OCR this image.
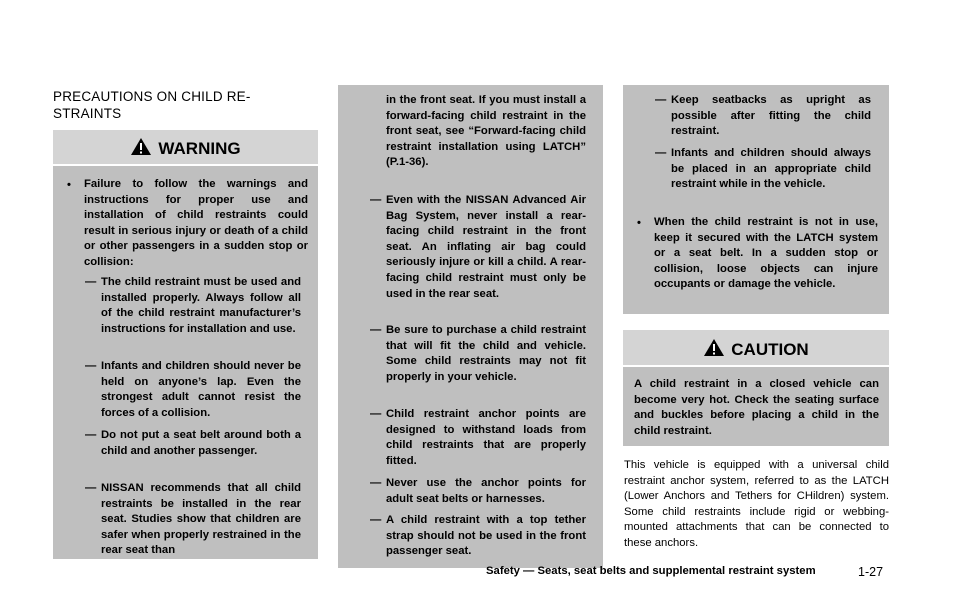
PRECAUTIONS ON CHILD RE-STRAINTS
WARNING
• Failure to follow the warnings and instructions for proper use and installation of child restraints could result in serious injury or death of a child or other passengers in a sudden stop or collision:

— The child restraint must be used and installed properly. Always follow all of the child restraint manufacturer’s instructions for installation and use.

— Infants and children should never be held on anyone’s lap. Even the strongest adult cannot resist the forces of a collision.

— Do not put a seat belt around both a child and another passenger.

— NISSAN recommends that all child restraints be installed in the rear seat. Studies show that children are safer when properly restrained in the rear seat than

in the front seat. If you must install a forward-facing child restraint in the front seat, see “Forward-facing child restraint installation using LATCH” (P.1-36).

— Even with the NISSAN Advanced Air Bag System, never install a rear-facing child restraint in the front seat. An inflating air bag could seriously injure or kill a child. A rear-facing child restraint must only be used in the rear seat.

— Be sure to purchase a child restraint that will fit the child and vehicle. Some child restraints may not fit properly in your vehicle.

— Child restraint anchor points are designed to withstand loads from child restraints that are properly fitted.

— Never use the anchor points for adult seat belts or harnesses.

— A child restraint with a top tether strap should not be used in the front passenger seat.

— Keep seatbacks as upright as possible after fitting the child restraint.

— Infants and children should always be placed in an appropriate child restraint while in the vehicle.

• When the child restraint is not in use, keep it secured with the LATCH system or a seat belt. In a sudden stop or collision, loose objects can injure occupants or damage the vehicle.

CAUTION

A child restraint in a closed vehicle can become very hot. Check the seating surface and buckles before placing a child in the child restraint.

This vehicle is equipped with a universal child restraint anchor system, referred to as the LATCH (Lower Anchors and Tethers for CHildren) system. Some child restraints include rigid or webbing-mounted attachments that can be connected to these anchors.

Safety — Seats, seat belts and supplemental restraint system	1-27
